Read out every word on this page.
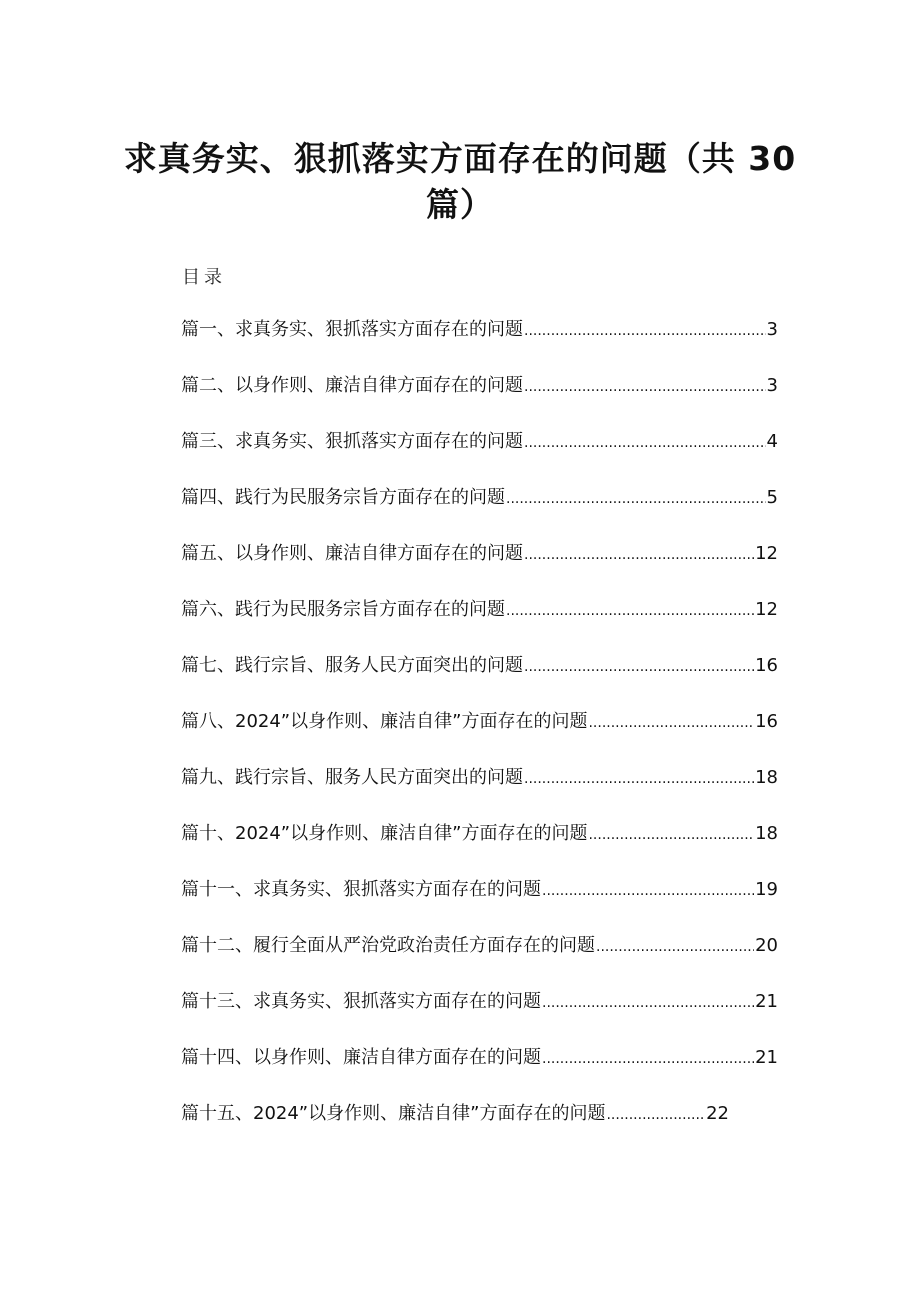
求真务实、狠抓落实方面存在的问题（共 30 篇）
目录
篇一、求真务实、狠抓落实方面存在的问题 .....	3
篇二、以身作则、廉洁自律方面存在的问题 .....	3
篇三、求真务实、狠抓落实方面存在的问题 .....	4
篇四、践行为民服务宗旨方面存在的问题 .....	5
篇五、以身作则、廉洁自律方面存在的问题 .....	12
篇六、践行为民服务宗旨方面存在的问题 .....	12
篇七、践行宗旨、服务人民方面突出的问题 .....	16
篇八、2024”以身作则、廉洁自律”方面存在的问题 .....	16
篇九、践行宗旨、服务人民方面突出的问题 .....	18
篇十、2024”以身作则、廉洁自律”方面存在的问题 .....	18
篇十一、求真务实、狠抓落实方面存在的问题 .....	19
篇十二、履行全面从严治党政治责任方面存在的问题 .....	20
篇十三、求真务实、狠抓落实方面存在的问题 .....	21
篇十四、以身作则、廉洁自律方面存在的问题 .....	21
篇十五、2024”以身作则、廉洁自律”方面存在的问题 .....	22
